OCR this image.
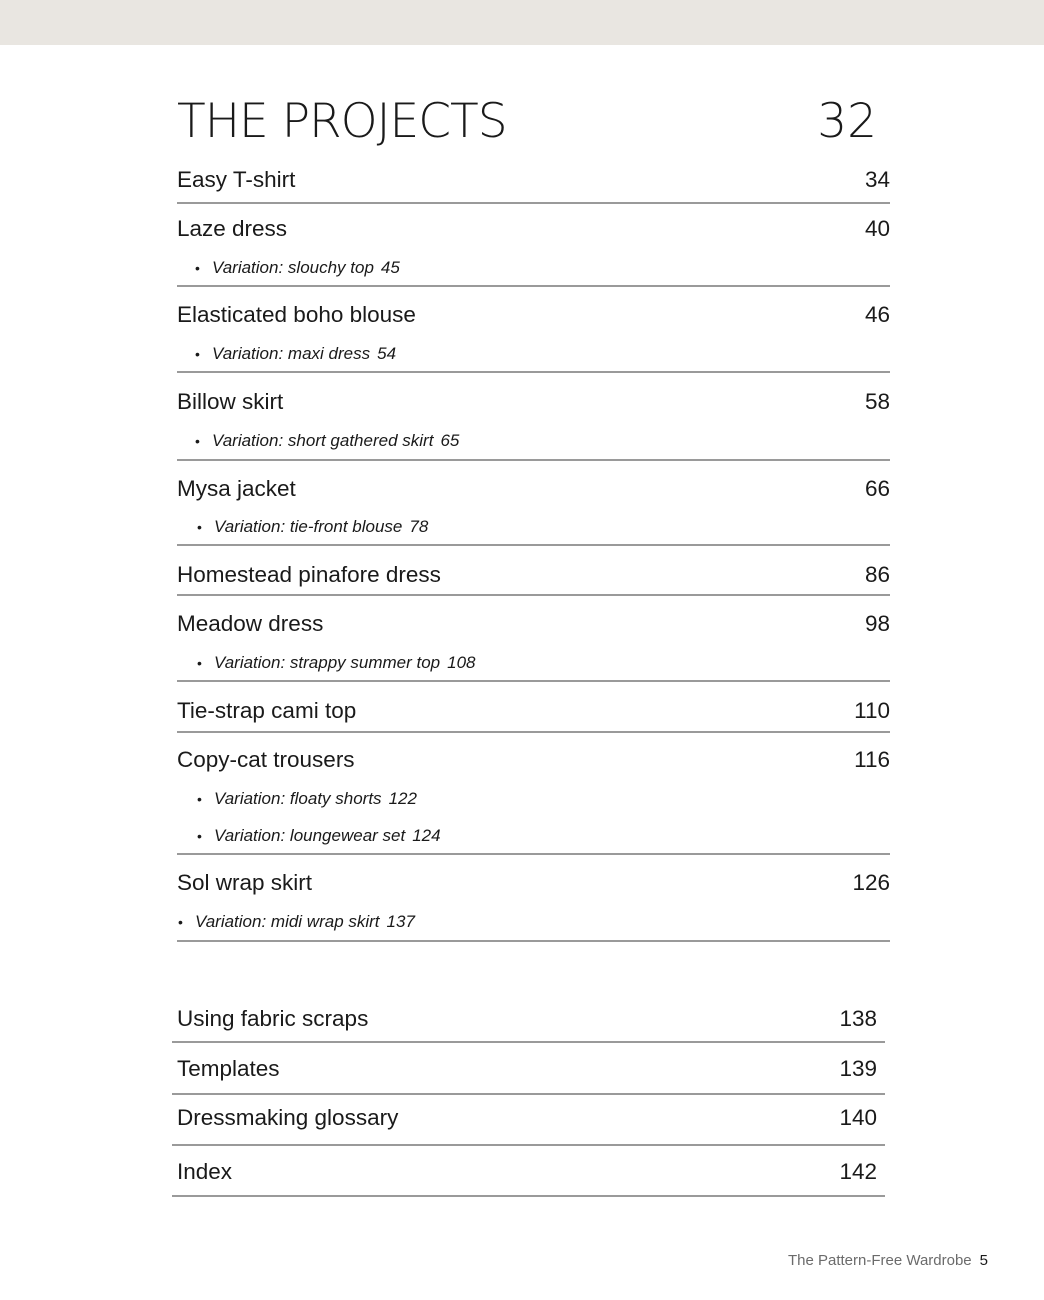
THE PROJECTS	32
Easy T-shirt	34
Laze dress	40
• Variation: slouchy top 45
Elasticated boho blouse	46
• Variation: maxi dress 54
Billow skirt	58
• Variation: short gathered skirt 65
Mysa jacket	66
• Variation: tie-front blouse 78
Homestead pinafore dress	86
Meadow dress	98
• Variation: strappy summer top 108
Tie-strap cami top	110
Copy-cat trousers	116
• Variation: floaty shorts 122
• Variation: loungewear set 124
Sol wrap skirt	126
• Variation: midi wrap skirt 137
Using fabric scraps	138
Templates	139
Dressmaking glossary	140
Index	142
The Pattern-Free Wardrobe 5
